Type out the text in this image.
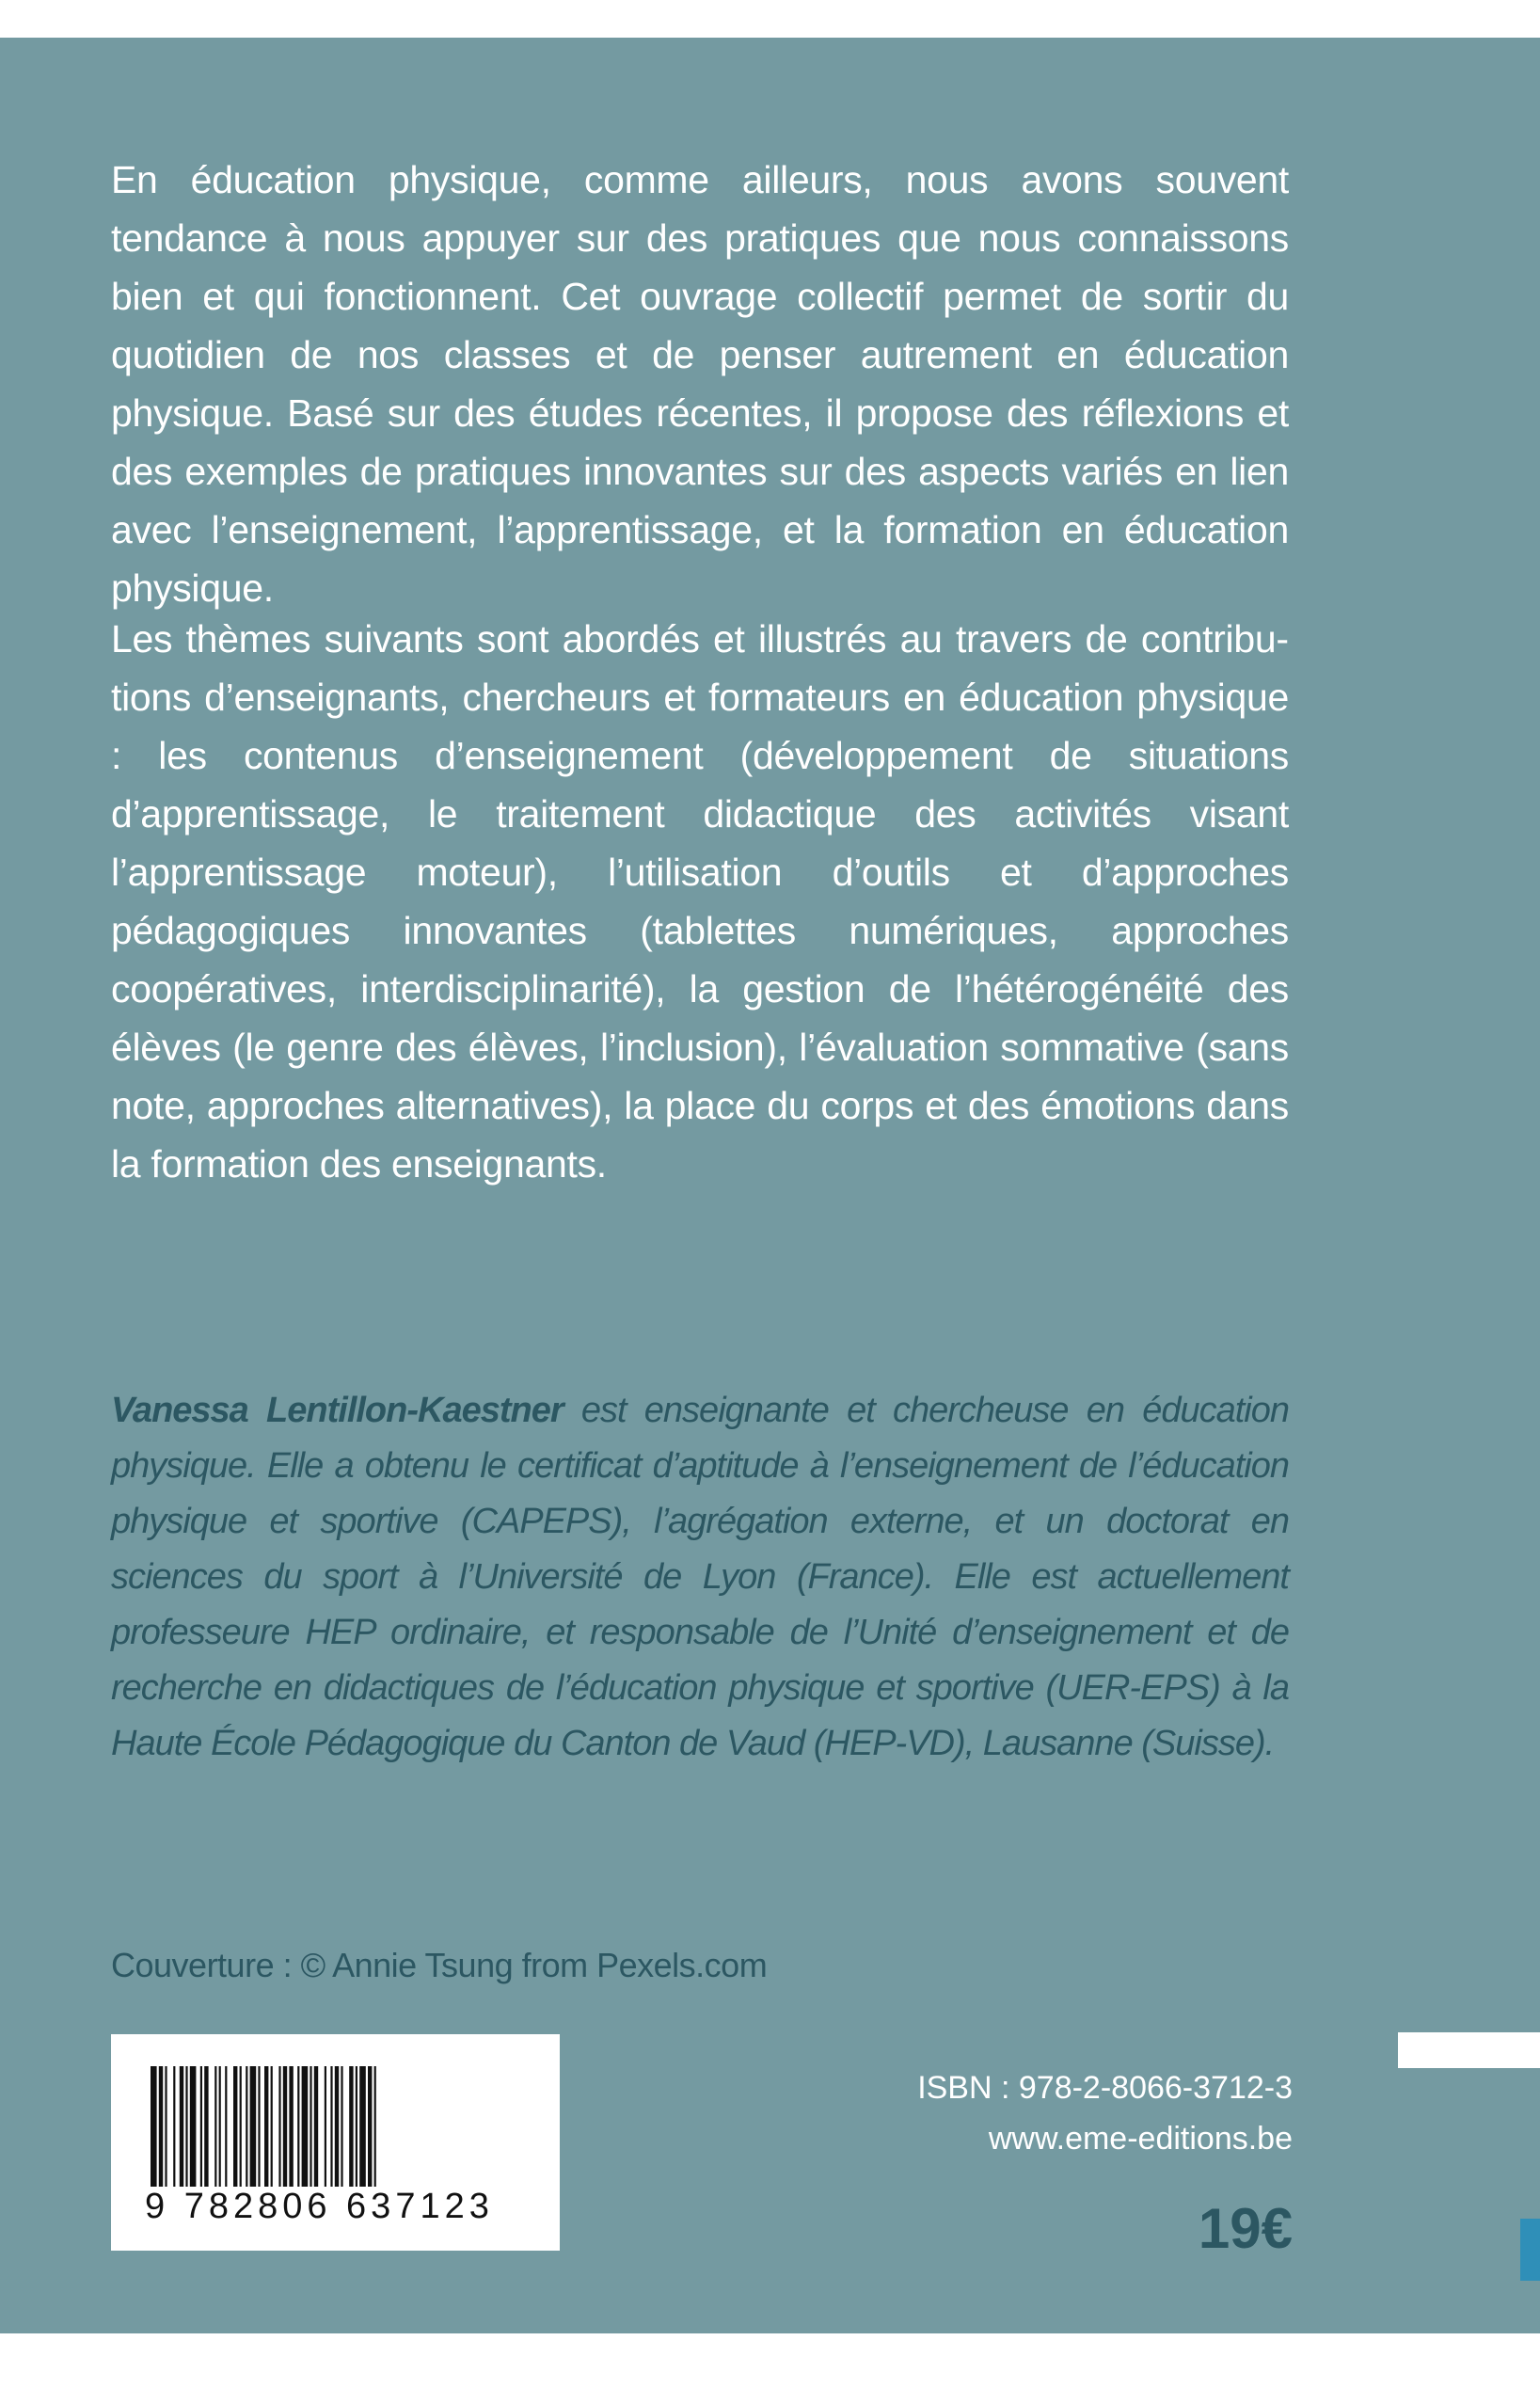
En éducation physique, comme ailleurs, nous avons souvent tendance à nous appuyer sur des pratiques que nous connaissons bien et qui fonctionnent. Cet ouvrage collectif permet de sortir du quotidien de nos classes et de penser autrement en éducation physique. Basé sur des études récentes, il propose des réflexions et des exemples de pratiques innovantes sur des aspects variés en lien avec l’enseignement, l’apprentissage, et la formation en éducation physique.

Les thèmes suivants sont abordés et illustrés au travers de contributions d’enseignants, chercheurs et formateurs en éducation physique : les contenus d’enseignement (développement de situations d’apprentissage, le traitement didactique des activités visant l’apprentissage moteur), l’utilisation d’outils et d’approches pédagogiques innovantes (tablettes numériques, approches coopératives, interdisciplinarité), la gestion de l’hétérogénéité des élèves (le genre des élèves, l’inclusion), l’évaluation sommative (sans note, approches alternatives), la place du corps et des émotions dans la formation des enseignants.

Vanessa Lentillon-Kaestner est enseignante et chercheuse en éducation physique. Elle a obtenu le certificat d’aptitude à l’enseignement de l’éducation physique et sportive (CAPEPS), l’agrégation externe, et un doctorat en sciences du sport à l’Université de Lyon (France). Elle est actuellement professeure HEP ordinaire, et responsable de l’Unité d’enseignement et de recherche en didactiques de l’éducation physique et sportive (UER-EPS) à la Haute École Pédagogique du Canton de Vaud (HEP-VD), Lausanne (Suisse).

Couverture : © Annie Tsung from Pexels.com
9 782806 637123
ISBN : 978-2-8066-3712-3
www.eme-editions.be
19€
